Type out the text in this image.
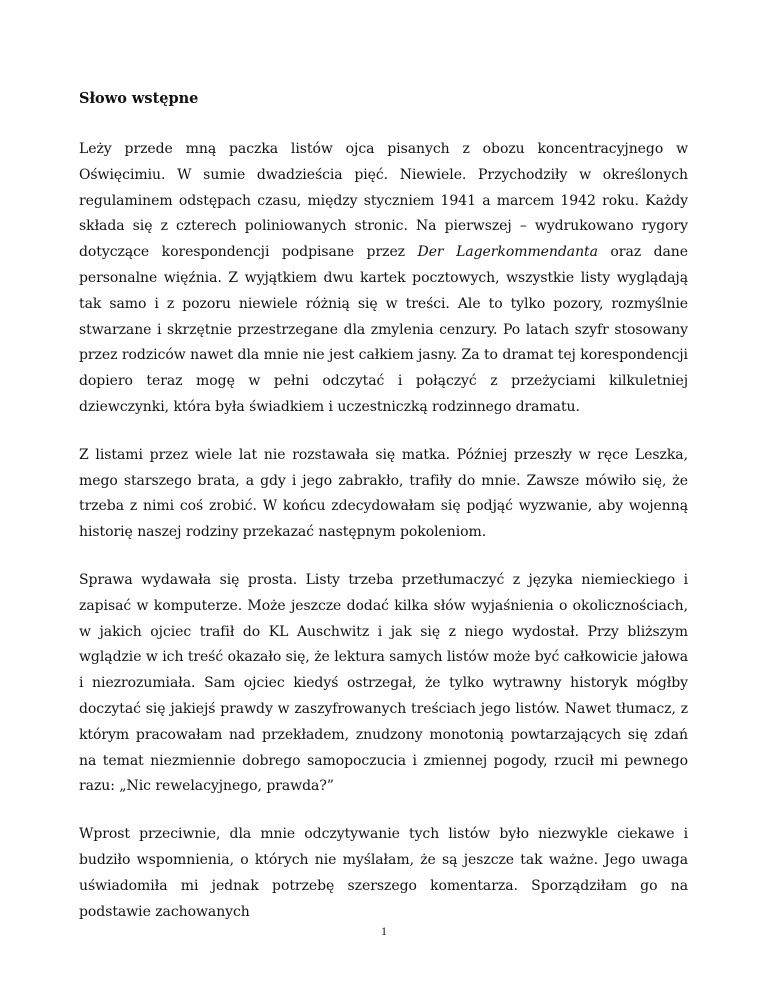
Słowo wstępne

Leży przede mną paczka listów ojca pisanych z obozu koncentracyjnego w Oświęcimiu. W sumie dwadzieścia pięć. Niewiele. Przychodziły w określonych regulaminem odstępach czasu, między styczniem 1941 a marcem 1942 roku. Każdy składa się z czterech poliniowanych stronic. Na pierwszej – wydrukowano rygory dotyczące korespondencji podpisane przez Der Lagerkommendanta oraz dane personalne więźnia. Z wyjątkiem dwu kartek pocztowych, wszystkie listy wyglądają tak samo i z pozoru niewiele różnią się w treści. Ale to tylko pozory, rozmyślnie stwarzane i skrzętnie przestrzegane dla zmylenia cenzury. Po latach szyfr stosowany przez rodziców nawet dla mnie nie jest całkiem jasny. Za to dramat tej korespondencji dopiero teraz mogę w pełni odczytać i połączyć z przeżyciami kilkuletniej dziewczynki, która była świadkiem i uczestniczką rodzinnego dramatu.

Z listami przez wiele lat nie rozstawała się matka. Później przeszły w ręce Leszka, mego starszego brata, a gdy i jego zabrakło, trafiły do mnie. Zawsze mówiło się, że trzeba z nimi coś zrobić. W końcu zdecydowałam się podjąć wyzwanie, aby wojenną historię naszej rodziny przekazać następnym pokoleniom.

Sprawa wydawała się prosta. Listy trzeba przetłumaczyć z języka niemieckiego i zapisać w komputerze. Może jeszcze dodać kilka słów wyjaśnienia o okolicznościach, w jakich ojciec trafił do KL Auschwitz i jak się z niego wydostał. Przy bliższym wglądzie w ich treść okazało się, że lektura samych listów może być całkowicie jałowa i niezrozumiała. Sam ojciec kiedyś ostrzegał, że tylko wytrawny historyk mógłby doczytać się jakiejś prawdy w zaszyfrowanych treściach jego listów. Nawet tłumacz, z którym pracowałam nad przekładem, znudzony monotonią powtarzających się zdań na temat niezmiennie dobrego samopoczucia i zmiennej pogody, rzucił mi pewnego razu: „Nic rewelacyjnego, prawda?”

Wprost przeciwnie, dla mnie odczytywanie tych listów było niezwykle ciekawe i budziło wspomnienia, o których nie myślałam, że są jeszcze tak ważne. Jego uwaga uświadomiła mi jednak potrzebę szerszego komentarza. Sporządziłam go na podstawie zachowanych

1
